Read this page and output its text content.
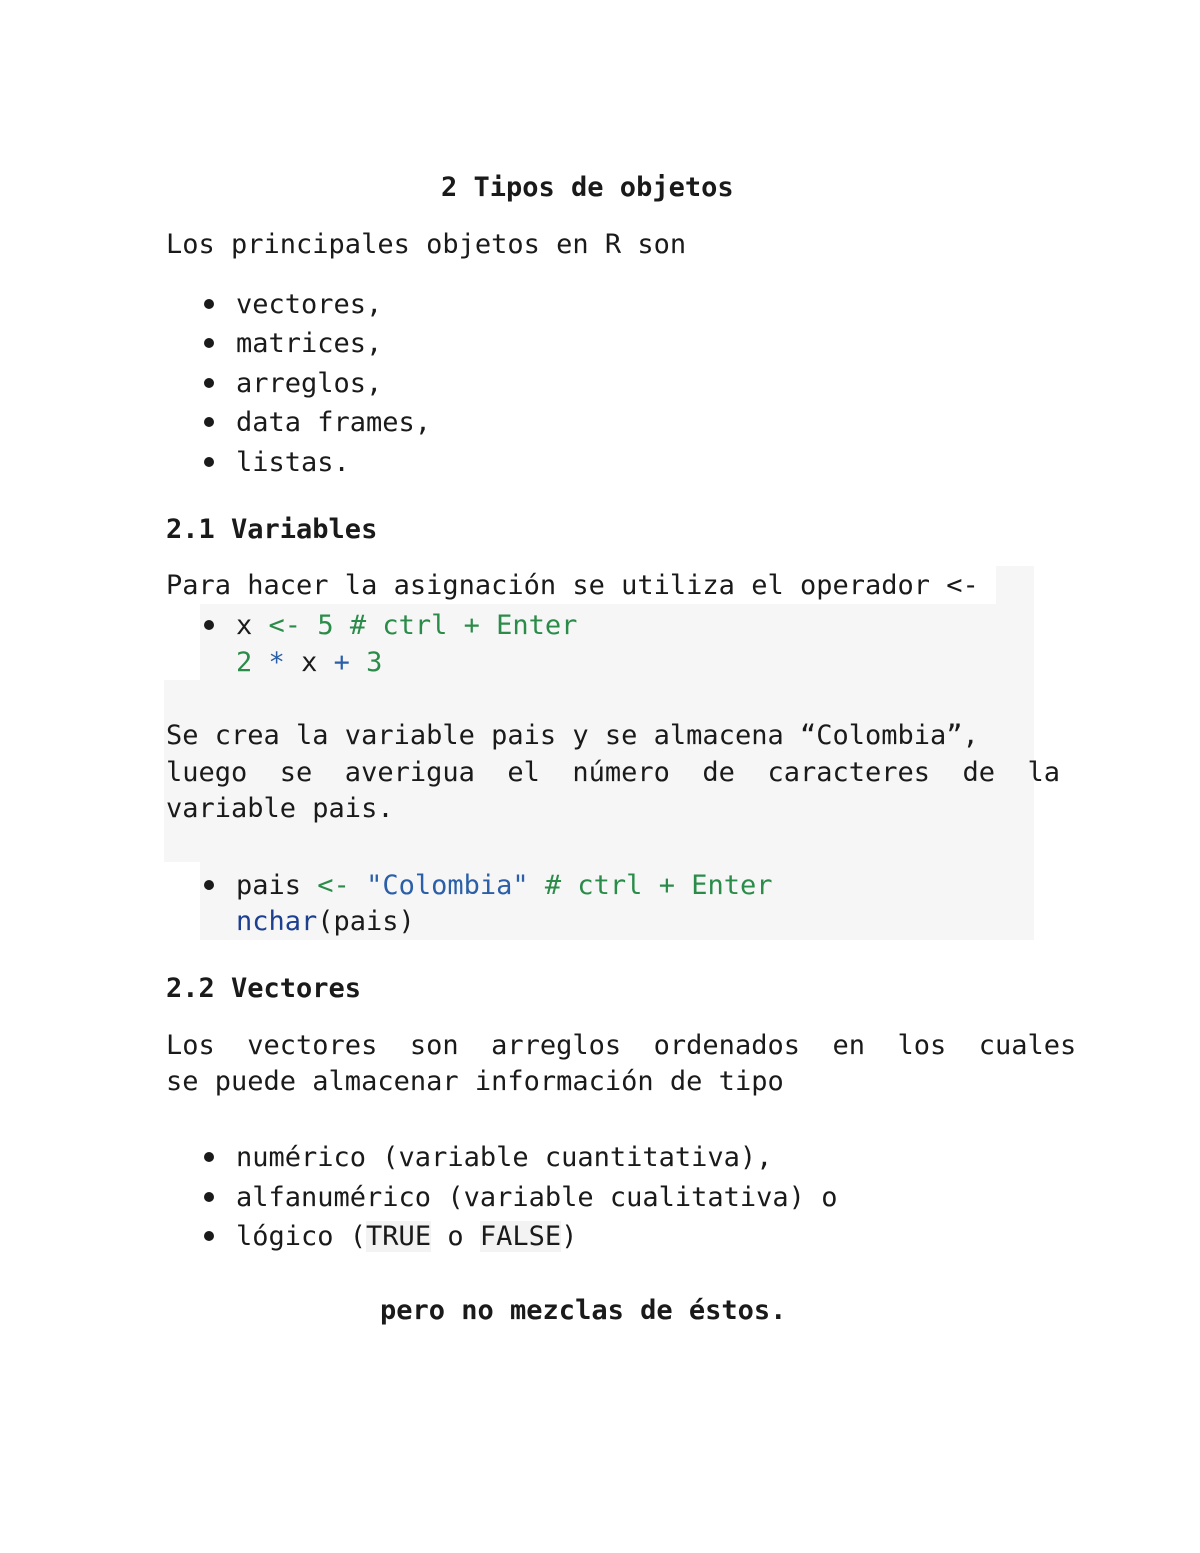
2 Tipos de objetos
Los principales objetos en R son
vectores,
matrices,
arreglos,
data frames,
listas.
2.1 Variables
Para hacer la asignación se utiliza el operador <-
x <- 5 # ctrl + Enter
2 * x + 3
Se crea la variable pais y se almacena “Colombia”,
luego  se  averigua  el  número  de  caracteres  de  la
variable pais.
pais <- "Colombia" # ctrl + Enter
nchar(pais)
2.2 Vectores
Los  vectores  son  arreglos  ordenados  en  los  cuales
se puede almacenar información de tipo
numérico (variable cuantitativa),
alfanumérico (variable cualitativa) o
lógico (TRUE o FALSE)
pero no mezclas de éstos.
